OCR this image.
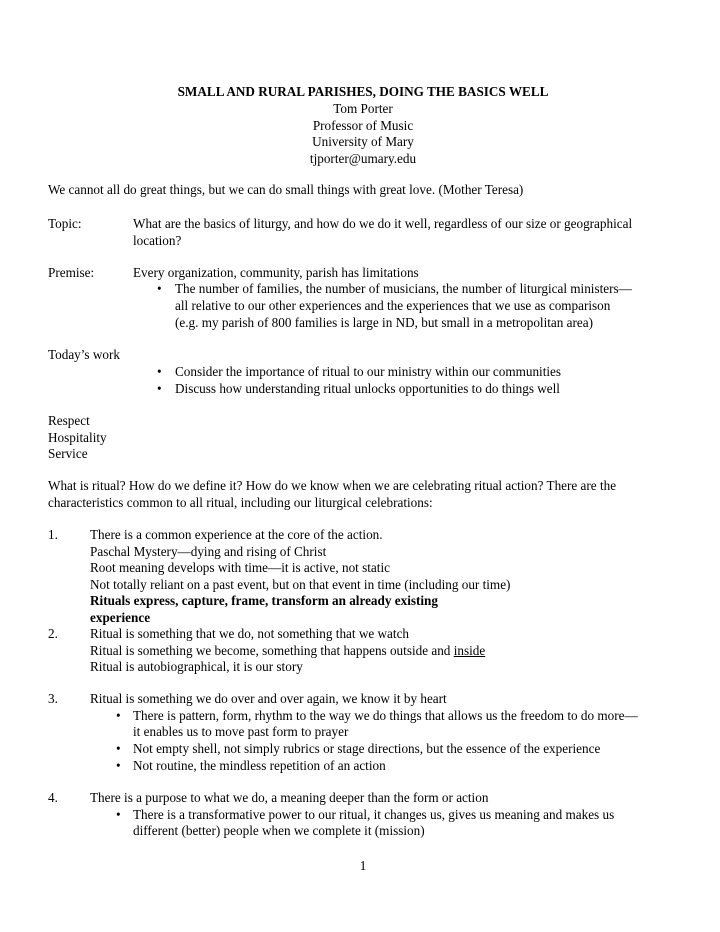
SMALL AND RURAL PARISHES, DOING THE BASICS WELL
Tom Porter
Professor of Music
University of Mary
tjporter@umary.edu
We cannot all do great things, but we can do small things with great love. (Mother Teresa)
Topic:	What are the basics of liturgy, and how do we do it well, regardless of our size or geographical
location?
Premise:	Every organization, community, parish has limitations
• The number of families, the number of musicians, the number of liturgical ministers—
all relative to our other experiences and the experiences that we use as comparison
(e.g. my parish of 800 families is large in ND, but small in a metropolitan area)
Today’s work
• Consider the importance of ritual to our ministry within our communities
• Discuss how understanding ritual unlocks opportunities to do things well
Respect
Hospitality
Service
What is ritual? How do we define it? How do we know when we are celebrating ritual action? There are the
characteristics common to all ritual, including our liturgical celebrations:
1. There is a common experience at the core of the action.
Paschal Mystery—dying and rising of Christ
Root meaning develops with time—it is active, not static
Not totally reliant on a past event, but on that event in time (including our time)
Rituals express, capture, frame, transform an already existing
experience
2. Ritual is something that we do, not something that we watch
Ritual is something we become, something that happens outside and inside
Ritual is autobiographical, it is our story
3. Ritual is something we do over and over again, we know it by heart
• There is pattern, form, rhythm to the way we do things that allows us the freedom to do more—
it enables us to move past form to prayer
• Not empty shell, not simply rubrics or stage directions, but the essence of the experience
• Not routine, the mindless repetition of an action
4. There is a purpose to what we do, a meaning deeper than the form or action
• There is a transformative power to our ritual, it changes us, gives us meaning and makes us
different (better) people when we complete it (mission)
1
